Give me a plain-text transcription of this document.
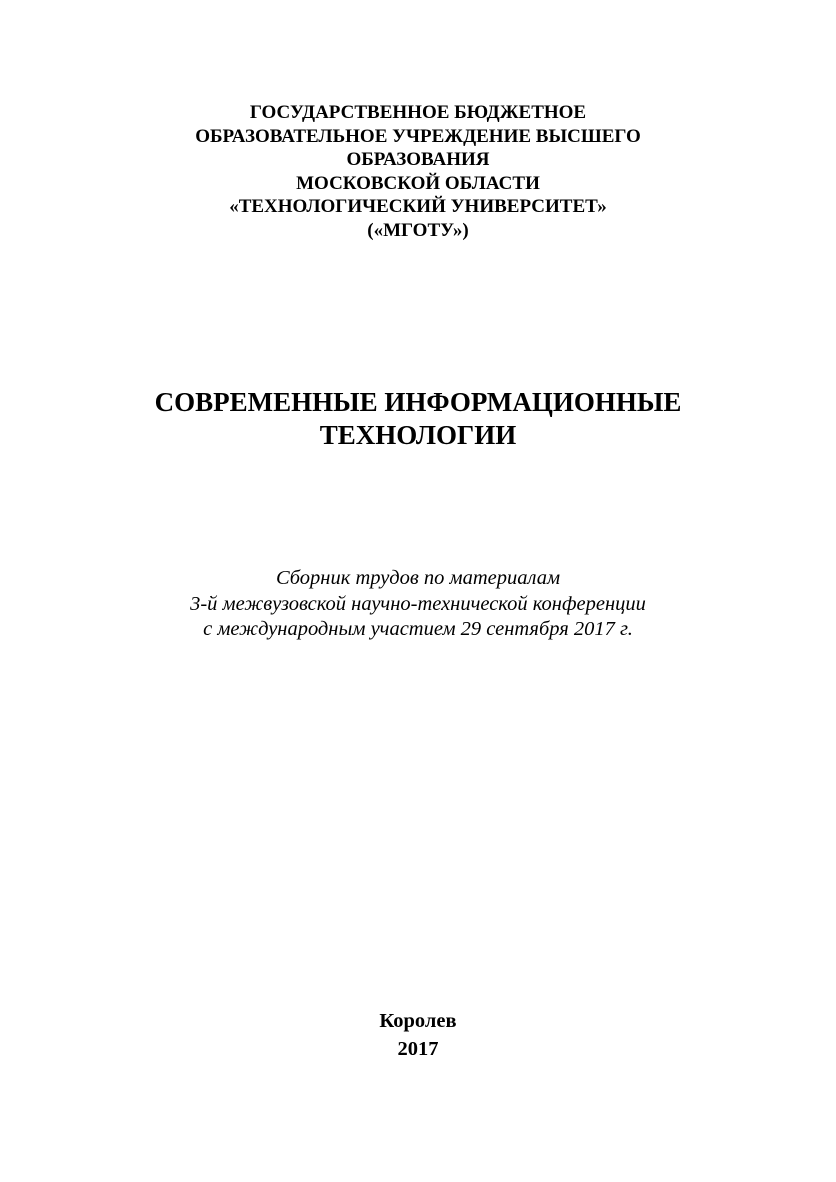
ГОСУДАРСТВЕННОЕ БЮДЖЕТНОЕ
ОБРАЗОВАТЕЛЬНОЕ УЧРЕЖДЕНИЕ ВЫСШЕГО
ОБРАЗОВАНИЯ
МОСКОВСКОЙ ОБЛАСТИ
«ТЕХНОЛОГИЧЕСКИЙ УНИВЕРСИТЕТ»
(«МГОТУ»)
СОВРЕМЕННЫЕ ИНФОРМАЦИОННЫЕ
ТЕХНОЛОГИИ
Сборник трудов по материалам
3-й межвузовской научно-технической конференции
с международным участием 29 сентября 2017 г.
Королев
2017
